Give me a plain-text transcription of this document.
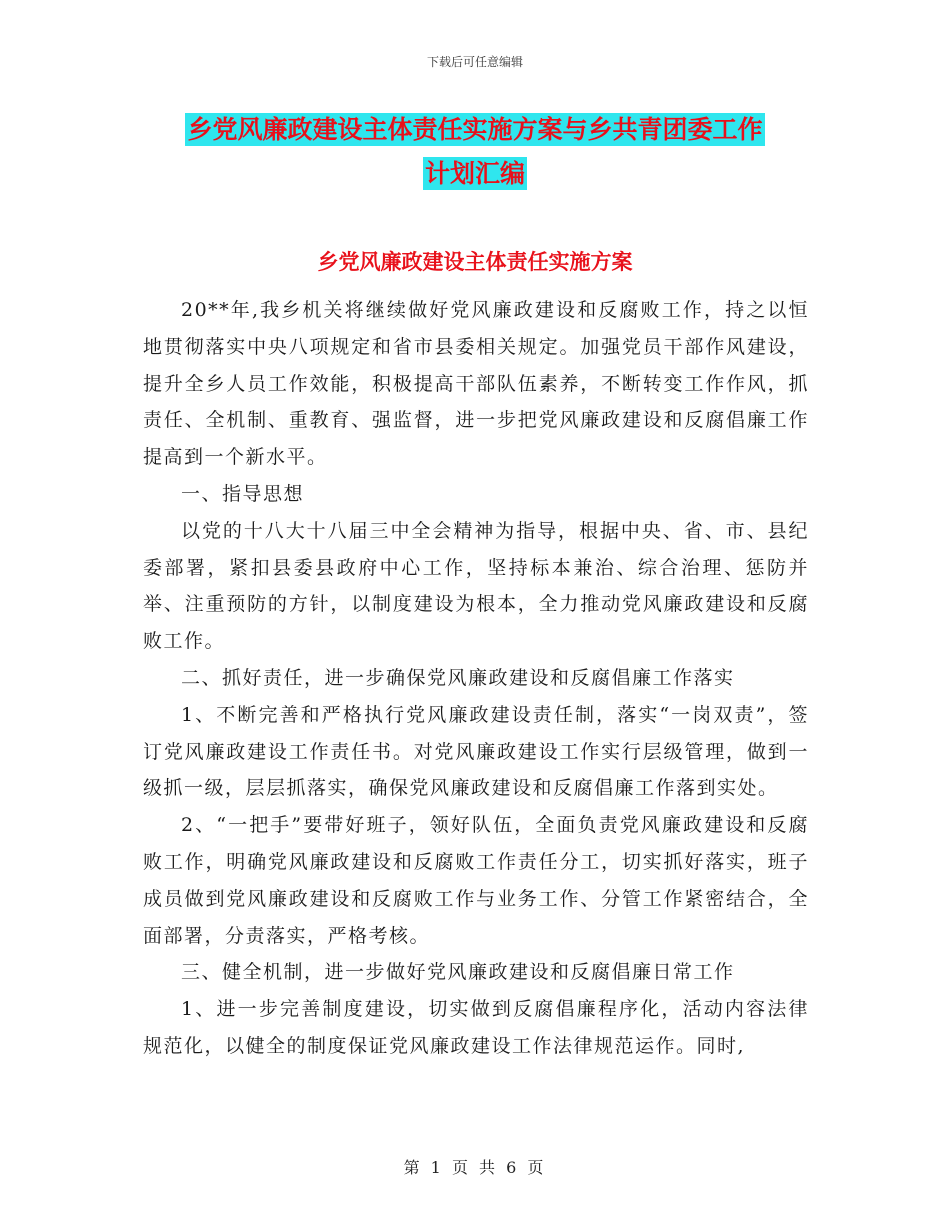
下载后可任意编辑
乡党风廉政建设主体责任实施方案与乡共青团委工作
计划汇编
乡党风廉政建设主体责任实施方案

20**年,我乡机关将继续做好党风廉政建设和反腐败工作，持之以恒地贯彻落实中央八项规定和省市县委相关规定。加强党员干部作风建设，提升全乡人员工作效能，积极提高干部队伍素养，不断转变工作作风，抓责任、全机制、重教育、强监督，进一步把党风廉政建设和反腐倡廉工作提高到一个新水平。

一、指导思想

以党的十八大十八届三中全会精神为指导，根据中央、省、市、县纪委部署，紧扣县委县政府中心工作，坚持标本兼治、综合治理、惩防并举、注重预防的方针，以制度建设为根本，全力推动党风廉政建设和反腐败工作。

二、抓好责任，进一步确保党风廉政建设和反腐倡廉工作落实

1、不断完善和严格执行党风廉政建设责任制，落实“一岗双责”，签订党风廉政建设工作责任书。对党风廉政建设工作实行层级管理，做到一级抓一级，层层抓落实，确保党风廉政建设和反腐倡廉工作落到实处。

2、“一把手”要带好班子，领好队伍，全面负责党风廉政建设和反腐败工作，明确党风廉政建设和反腐败工作责任分工，切实抓好落实，班子成员做到党风廉政建设和反腐败工作与业务工作、分管工作紧密结合，全面部署，分责落实，严格考核。

三、健全机制，进一步做好党风廉政建设和反腐倡廉日常工作

1、进一步完善制度建设，切实做到反腐倡廉程序化，活动内容法律规范化，以健全的制度保证党风廉政建设工作法律规范运作。同时,

第 1 页 共 6 页
